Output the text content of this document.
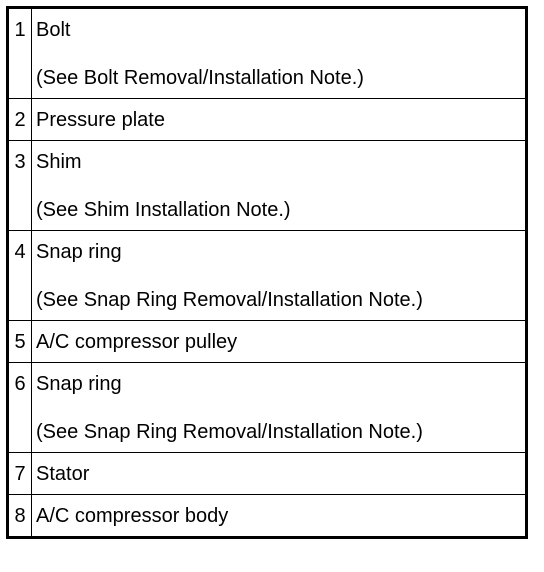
1	Bolt
(See Bolt Removal/Installation Note.)

2	Pressure plate

3	Shim
(See Shim Installation Note.)

4	Snap ring
(See Snap Ring Removal/Installation Note.)

5	A/C compressor pulley

6	Snap ring
(See Snap Ring Removal/Installation Note.)

7	Stator

8	A/C compressor body
